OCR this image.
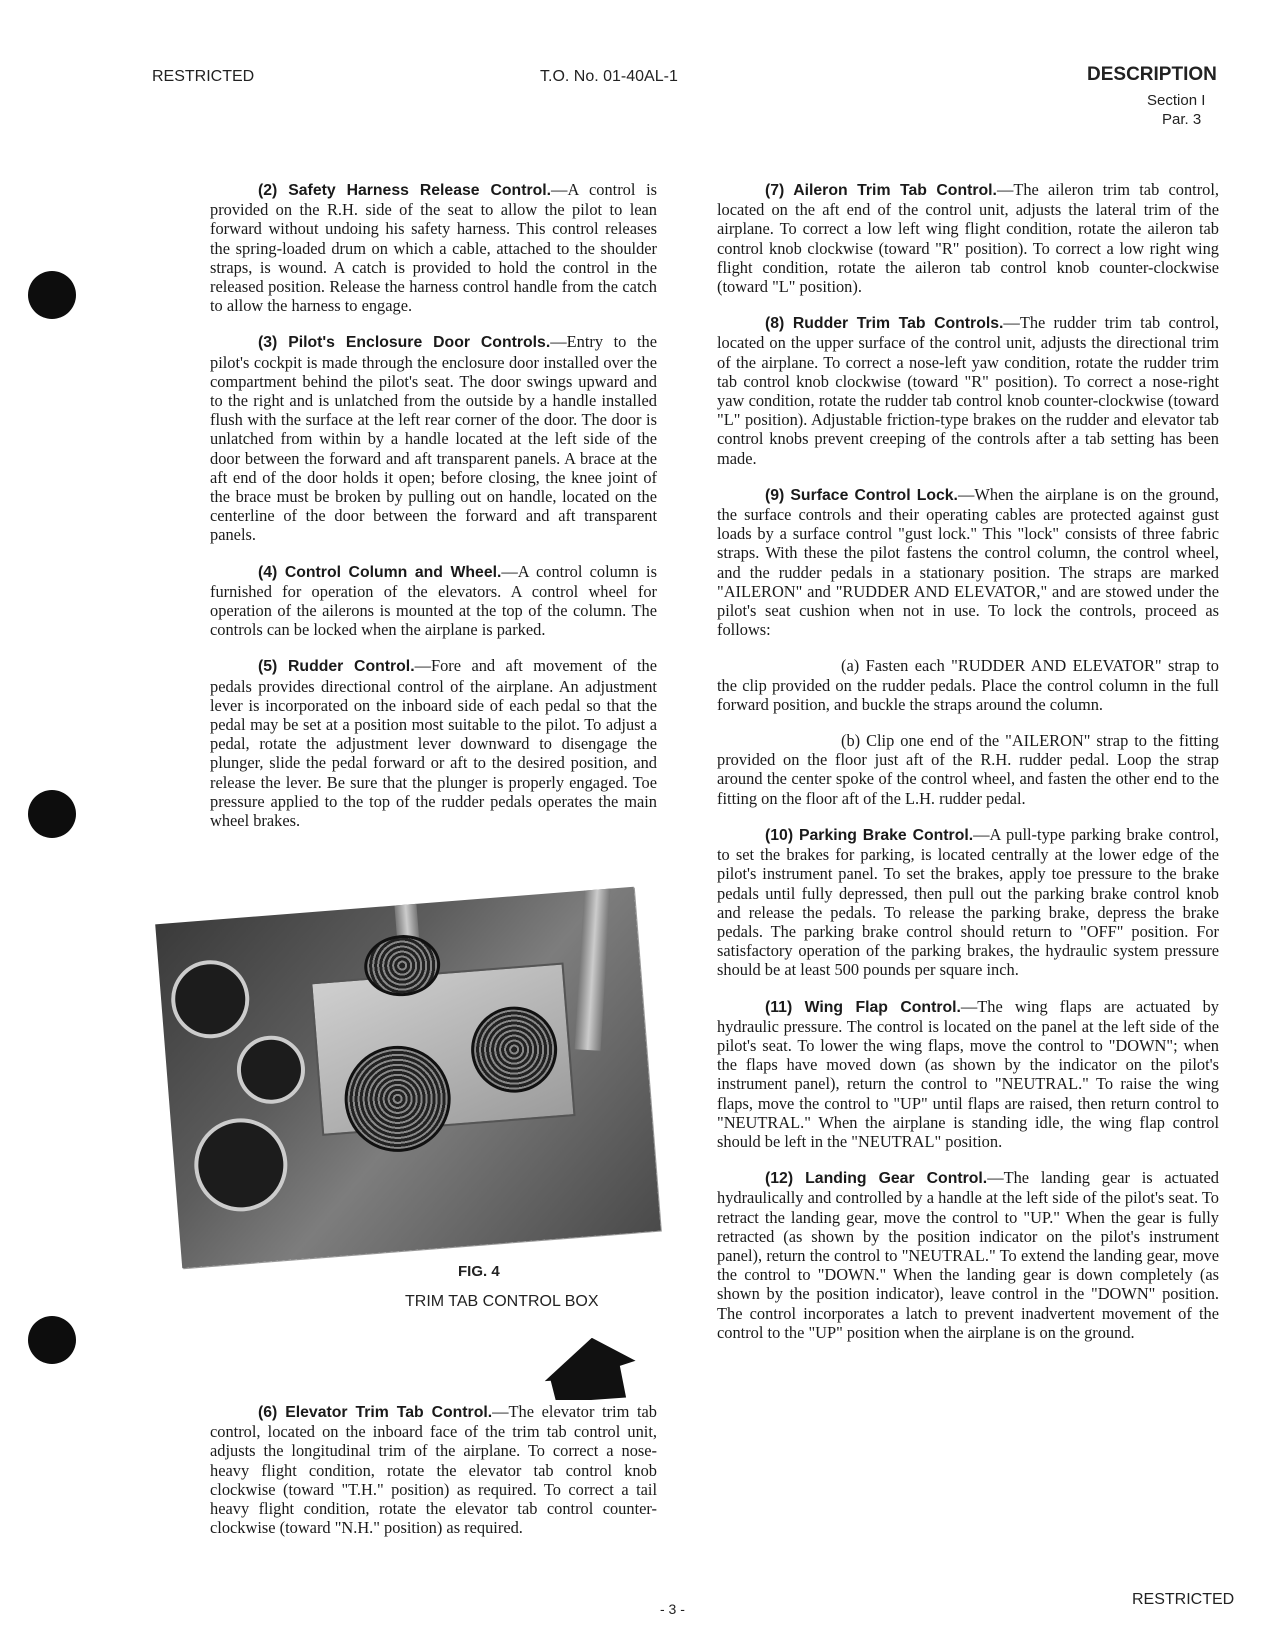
RESTRICTED	T.O. No. 01-40AL-1	DESCRIPTION
Section I
Par. 3

(2) Safety Harness Release Control.—A control is provided on the R.H. side of the seat to allow the pilot to lean forward without undoing his safety harness. This control releases the spring-loaded drum on which a cable, attached to the shoulder straps, is wound. A catch is provided to hold the control in the released position. Release the harness control handle from the catch to allow the harness to engage.

(3) Pilot's Enclosure Door Controls.—Entry to the pilot's cockpit is made through the enclosure door installed over the compartment behind the pilot's seat. The door swings upward and to the right and is unlatched from the outside by a handle installed flush with the surface at the left rear corner of the door. The door is unlatched from within by a handle located at the left side of the door between the forward and aft transparent panels. A brace at the aft end of the door holds it open; before closing, the knee joint of the brace must be broken by pulling out on handle, located on the centerline of the door between the forward and aft transparent panels.

(4) Control Column and Wheel.—A control column is furnished for operation of the elevators. A control wheel for operation of the ailerons is mounted at the top of the column. The controls can be locked when the airplane is parked.

(5) Rudder Control.—Fore and aft movement of the pedals provides directional control of the airplane. An adjustment lever is incorporated on the inboard side of each pedal so that the pedal may be set at a position most suitable to the pilot. To adjust a pedal, rotate the adjustment lever downward to disengage the plunger, slide the pedal forward or aft to the desired position, and release the lever. Be sure that the plunger is properly engaged. Toe pressure applied to the top of the rudder pedals operates the main wheel brakes.

FIG. 4
TRIM TAB CONTROL BOX

(6) Elevator Trim Tab Control.—The elevator trim tab control, located on the inboard face of the trim tab control unit, adjusts the longitudinal trim of the airplane. To correct a nose-heavy flight condition, rotate the elevator tab control knob clockwise (toward "T.H." position) as required. To correct a tail heavy flight condition, rotate the elevator tab control counter-clockwise (toward "N.H." position) as required.

(7) Aileron Trim Tab Control.—The aileron trim tab control, located on the aft end of the control unit, adjusts the lateral trim of the airplane. To correct a low left wing flight condition, rotate the aileron tab control knob clockwise (toward "R" position). To correct a low right wing flight condition, rotate the aileron tab control knob counter-clockwise (toward "L" position).

(8) Rudder Trim Tab Controls.—The rudder trim tab control, located on the upper surface of the control unit, adjusts the directional trim of the airplane. To correct a nose-left yaw condition, rotate the rudder trim tab control knob clockwise (toward "R" position). To correct a nose-right yaw condition, rotate the rudder tab control knob counter-clockwise (toward "L" position). Adjustable friction-type brakes on the rudder and elevator tab control knobs prevent creeping of the controls after a tab setting has been made.

(9) Surface Control Lock.—When the airplane is on the ground, the surface controls and their operating cables are protected against gust loads by a surface control "gust lock." This "lock" consists of three fabric straps. With these the pilot fastens the control column, the control wheel, and the rudder pedals in a stationary position. The straps are marked "AILERON" and "RUDDER AND ELEVATOR," and are stowed under the pilot's seat cushion when not in use. To lock the controls, proceed as follows:

(a) Fasten each "RUDDER AND ELEVATOR" strap to the clip provided on the rudder pedals. Place the control column in the full forward position, and buckle the straps around the column.

(b) Clip one end of the "AILERON" strap to the fitting provided on the floor just aft of the R.H. rudder pedal. Loop the strap around the center spoke of the control wheel, and fasten the other end to the fitting on the floor aft of the L.H. rudder pedal.

(10) Parking Brake Control.—A pull-type parking brake control, to set the brakes for parking, is located centrally at the lower edge of the pilot's instrument panel. To set the brakes, apply toe pressure to the brake pedals until fully depressed, then pull out the parking brake control knob and release the pedals. To release the parking brake, depress the brake pedals. The parking brake control should return to "OFF" position. For satisfactory operation of the parking brakes, the hydraulic system pressure should be at least 500 pounds per square inch.

(11) Wing Flap Control.—The wing flaps are actuated by hydraulic pressure. The control is located on the panel at the left side of the pilot's seat. To lower the wing flaps, move the control to "DOWN"; when the flaps have moved down (as shown by the indicator on the pilot's instrument panel), return the control to "NEUTRAL." To raise the wing flaps, move the control to "UP" until flaps are raised, then return control to "NEUTRAL." When the airplane is standing idle, the wing flap control should be left in the "NEUTRAL" position.

(12) Landing Gear Control.—The landing gear is actuated hydraulically and controlled by a handle at the left side of the pilot's seat. To retract the landing gear, move the control to "UP." When the gear is fully retracted (as shown by the position indicator on the pilot's instrument panel), return the control to "NEUTRAL." To extend the landing gear, move the control to "DOWN." When the landing gear is down completely (as shown by the position indicator), leave control in the "DOWN" position. The control incorporates a latch to prevent inadvertent movement of the control to the "UP" position when the airplane is on the ground.

- 3 -
RESTRICTED
